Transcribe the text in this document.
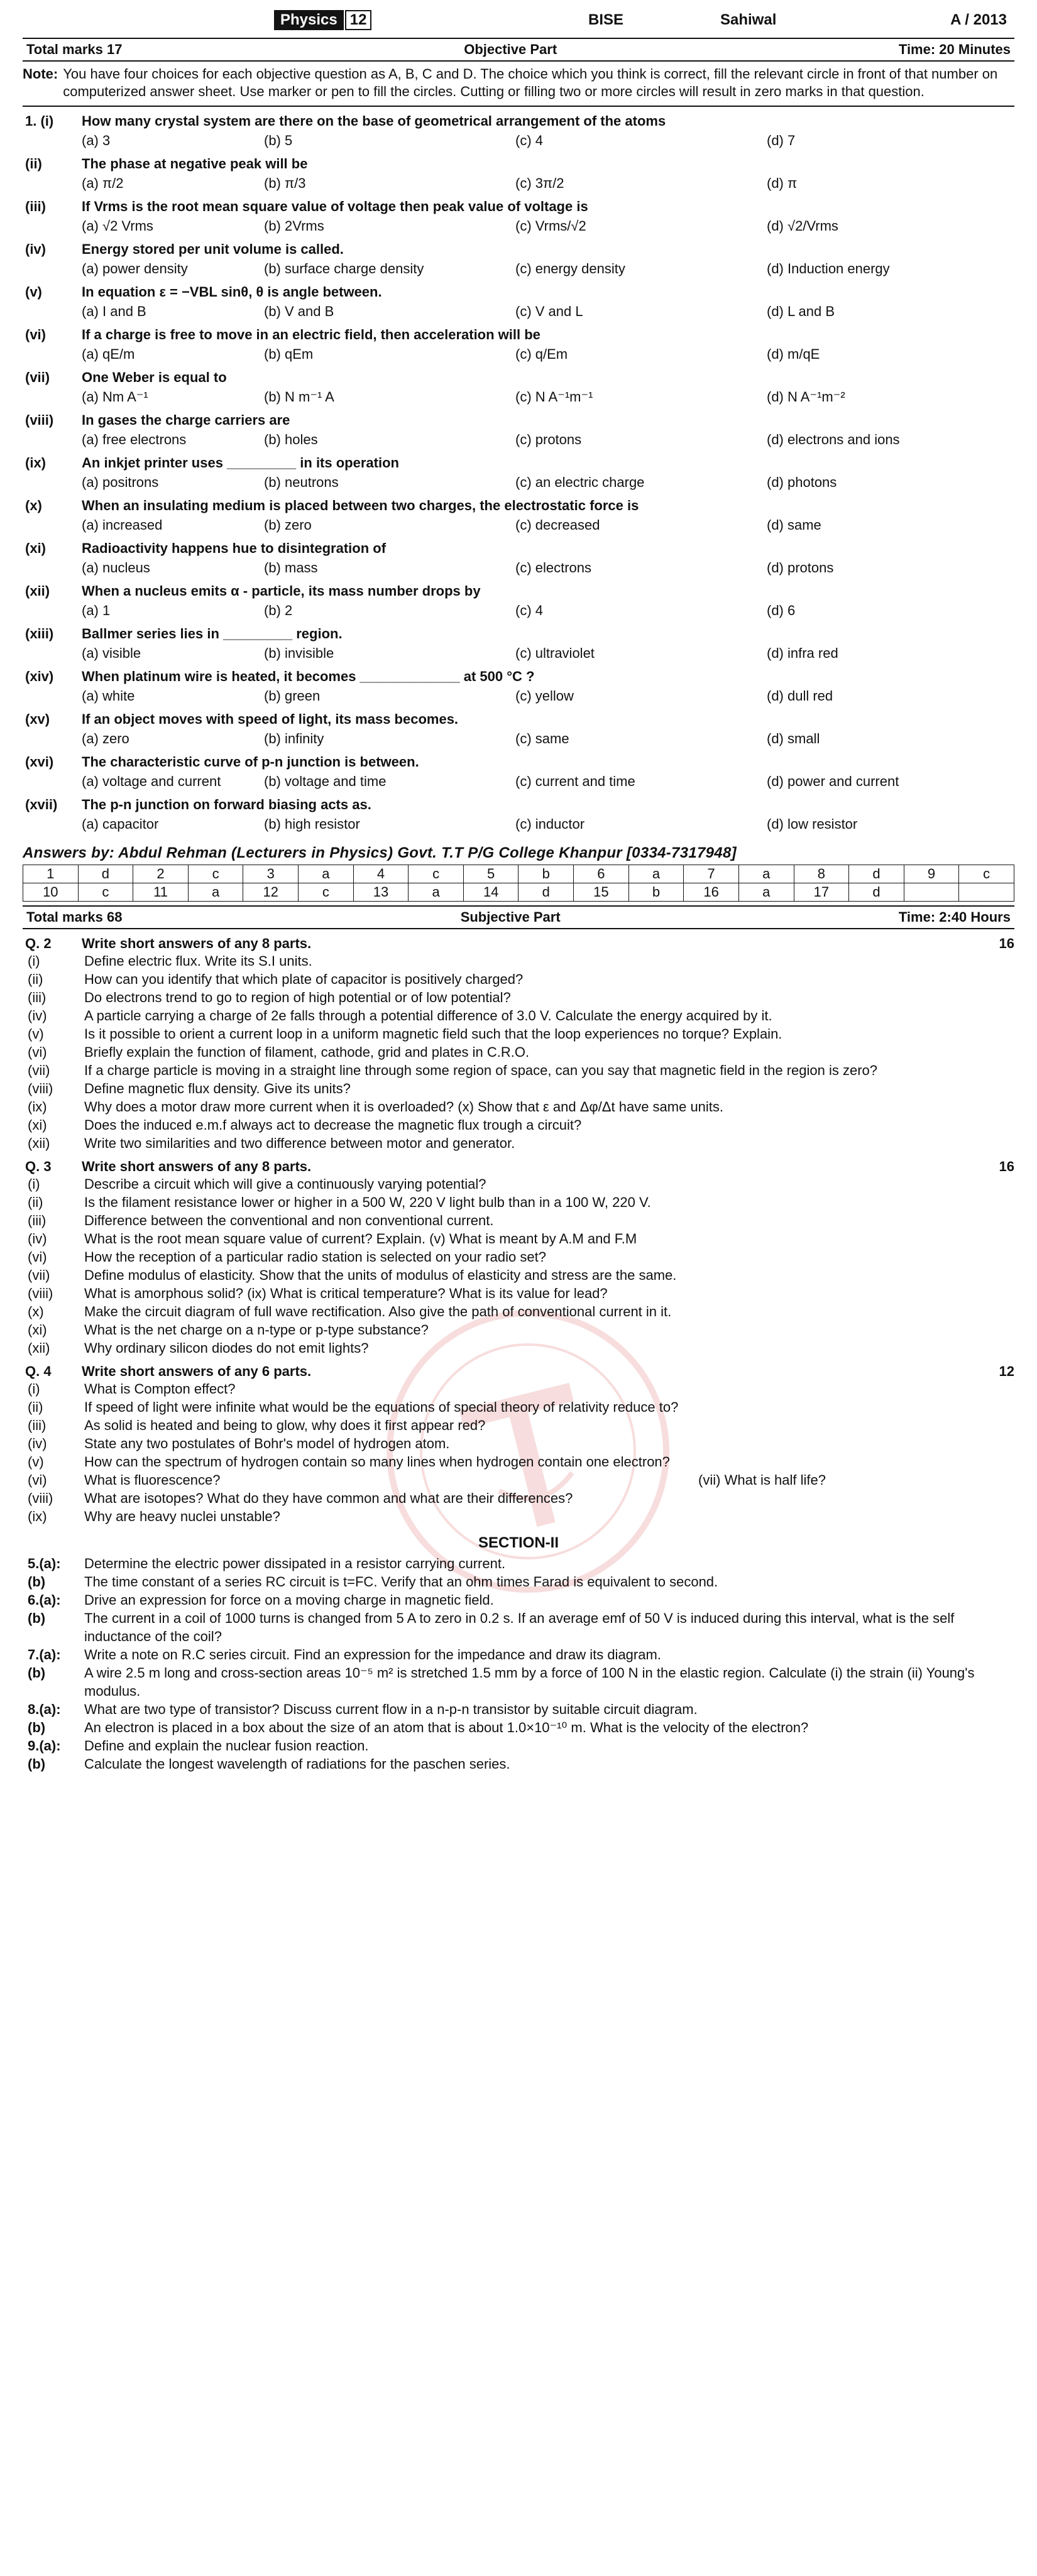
Physics 12	BISE	Sahiwal	A / 2013
Total marks 17	Objective Part	Time: 20 Minutes
Note: You have four choices for each objective question as A, B, C and D. The choice which you think is correct, fill the relevant circle in front of that number on computerized answer sheet. Use marker or pen to fill the circles. Cutting or filling two or more circles will result in zero marks in that question.
1. (i)	How many crystal system are there on the base of geometrical arrangement of the atoms
(a) 3	(b) 5	(c) 4	(d) 7
(ii)	The phase at negative peak will be
(a) π/2	(b) π/3	(c) 3π/2	(d) π
(iii)	If Vrms is the root mean square value of voltage then peak value of voltage is
(a) √2 Vrms	(b) 2Vrms	(c) Vrms/√2	(d) √2/Vrms
(iv)	Energy stored per unit volume is called.
(a) power density	(b) surface charge density	(c) energy density	(d) Induction energy
(v)	In equation ε = −VBL sinθ, θ is angle between.
(a) I and B	(b) V and B	(c) V and L	(d) L and B
(vi)	If a charge is free to move in an electric field, then acceleration will be
(a) qE/m	(b) qEm	(c) q/Em	(d) m/qE
(vii)	One Weber is equal to
(a) Nm A⁻¹	(b) N m⁻¹ A	(c) N A⁻¹m⁻¹	(d) N A⁻¹m⁻²
(viii)	In gases the charge carriers are
(a) free electrons	(b) holes	(c) protons	(d) electrons and ions
(ix)	An inkjet printer uses _________ in its operation
(a) positrons	(b) neutrons	(c) an electric charge	(d) photons
(x)	When an insulating medium is placed between two charges, the electrostatic force is
(a) increased	(b) zero	(c) decreased	(d) same
(xi)	Radioactivity happens hue to disintegration of
(a) nucleus	(b) mass	(c) electrons	(d) protons
(xii)	When a nucleus emits α - particle, its mass number drops by
(a) 1	(b) 2	(c) 4	(d) 6
(xiii)	Ballmer series lies in _________ region.
(a) visible	(b) invisible	(c) ultraviolet	(d) infra red
(xiv)	When platinum wire is heated, it becomes _____________ at 500 °C ?
(a) white	(b) green	(c) yellow	(d) dull red
(xv)	If an object moves with speed of light, its mass becomes.
(a) zero	(b) infinity	(c) same	(d) small
(xvi)	The characteristic curve of p-n junction is between.
(a) voltage and current	(b) voltage and time	(c) current and time	(d) power and current
(xvii)	The p-n junction on forward biasing acts as.
(a) capacitor	(b) high resistor	(c) inductor	(d) low resistor
Answers by: Abdul Rehman (Lecturers in Physics) Govt. T.T P/G College Khanpur [0334-7317948]
1	d	2	c	3	a	4	c	5	b	6	a	7	a	8	d	9	c
10	c	11	a	12	c	13	a	14	d	15	b	16	a	17	d		
Total marks 68	Subjective Part	Time: 2:40 Hours
Q. 2	Write short answers of any 8 parts.	16
(i)	Define electric flux. Write its S.I units.
(ii)	How can you identify that which plate of capacitor is positively charged?
(iii)	Do electrons trend to go to region of high potential or of low potential?
(iv)	A particle carrying a charge of 2e falls through a potential difference of 3.0 V. Calculate the energy acquired by it.
(v)	Is it possible to orient a current loop in a uniform magnetic field such that the loop experiences no torque? Explain.
(vi)	Briefly explain the function of filament, cathode, grid and plates in C.R.O.
(vii)	If a charge particle is moving in a straight line through some region of space, can you say that magnetic field in the region is zero?
(viii)	Define magnetic flux density. Give its units?
(ix)	Why does a motor draw more current when it is overloaded? (x) Show that ε and Δφ/Δt have same units.
(xi)	Does the induced e.m.f always act to decrease the magnetic flux trough a circuit?
(xii)	Write two similarities and two difference between motor and generator.
Q. 3	Write short answers of any 8 parts.	16
(i)	Describe a circuit which will give a continuously varying potential?
(ii)	Is the filament resistance lower or higher in a 500 W, 220 V light bulb than in a 100 W, 220 V.
(iii)	Difference between the conventional and non conventional current.
(iv)	What is the root mean square value of current? Explain. (v) What is meant by A.M and F.M
(vi)	How the reception of a particular radio station is selected on your radio set?
(vii)	Define modulus of elasticity. Show that the units of modulus of elasticity and stress are the same.
(viii)	What is amorphous solid? (ix) What is critical temperature? What is its value for lead?
(x)	Make the circuit diagram of full wave rectification. Also give the path of conventional current in it.
(xi)	What is the net charge on a n-type or p-type substance?
(xii)	Why ordinary silicon diodes do not emit lights?
Q. 4	Write short answers of any 6 parts.	12
(i)	What is Compton effect?
(ii)	If speed of light were infinite what would be the equations of special theory of relativity reduce to?
(iii)	As solid is heated and being to glow, why does it first appear red?
(iv)	State any two postulates of Bohr's model of hydrogen atom.
(v)	How can the spectrum of hydrogen contain so many lines when hydrogen contain one electron?
(vi)	What is fluorescence?	(vii) What is half life?
(viii)	What are isotopes? What do they have common and what are their differences?
(ix)	Why are heavy nuclei unstable?
SECTION-II
5.(a):	Determine the electric power dissipated in a resistor carrying current.
(b)	The time constant of a series RC circuit is t=FC. Verify that an ohm times Farad is equivalent to second.
6.(a):	Drive an expression for force on a moving charge in magnetic field.
(b)	The current in a coil of 1000 turns is changed from 5 A to zero in 0.2 s. If an average emf of 50 V is induced during this interval, what is the self inductance of the coil?
7.(a):	Write a note on R.C series circuit. Find an expression for the impedance and draw its diagram.
(b)	A wire 2.5 m long and cross-section areas 10⁻⁵ m² is stretched 1.5 mm by a force of 100 N in the elastic region. Calculate (i) the strain (ii) Young's modulus.
8.(a):	What are two type of transistor? Discuss current flow in a n-p-n transistor by suitable circuit diagram.
(b)	An electron is placed in a box about the size of an atom that is about 1.0×10⁻¹⁰ m. What is the velocity of the electron?
9.(a):	Define and explain the nuclear fusion reaction.
(b)	Calculate the longest wavelength of radiations for the paschen series.
